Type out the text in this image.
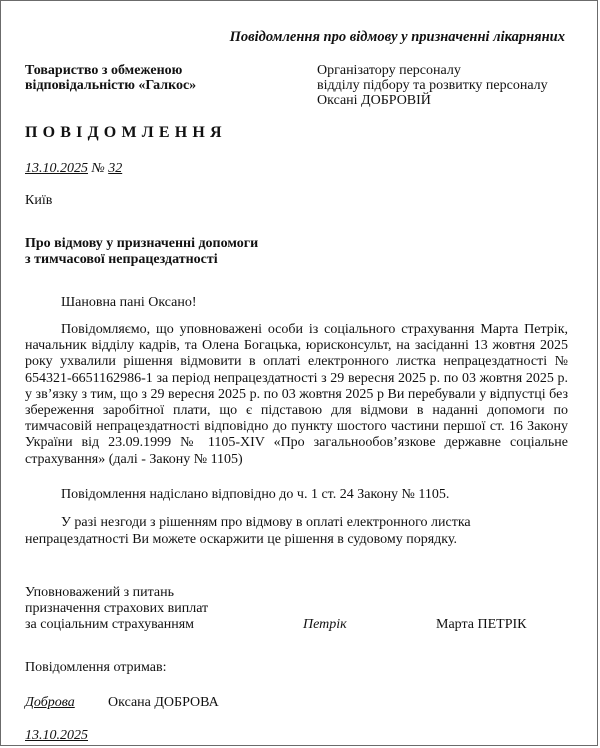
Повідомлення про відмову у призначенні лікарняних
Товариство з обмеженою
відповідальністю «Галкос»
Організатору персоналу
відділу підбору та розвитку персоналу
Оксані ДОБРОВІЙ
ПОВІДОМЛЕННЯ
13.10.2025 № 32
Київ
Про відмову у призначенні допомоги
з тимчасової непрацездатності
Шановна пані Оксано!
Повідомляємо, що уповноважені особи із соціального страхування Марта Петрік, начальник відділу кадрів, та Олена Богацька, юрисконсульт, на засіданні 13 жовтня 2025 року ухвалили рішення відмовити в оплаті електронного листка непрацездатності № 654321-6651162986-1 за період непрацездатності з 29 вересня 2025 р. по 03 жовтня 2025 р. у зв’язку з тим, що з 29 вересня 2025 р. по 03 жовтня 2025 р Ви перебували у відпустці без збереження заробітної плати, що є підставою для відмови в наданні допомоги по тимчасовій непрацездатності відповідно до пункту шостого частини першої ст. 16 Закону України від 23.09.1999 № 1105-XIV «Про загальнообов’язкове державне соціальне страхування» (далі - Закону № 1105)
Повідомлення надіслано відповідно до ч. 1 ст. 24 Закону № 1105.
У разі незгоди з рішенням про відмову в оплаті електронного листка непрацездатності Ви можете оскаржити це рішення в судовому порядку.
Уповноважений з питань
призначення страхових виплат
за соціальним страхуванням	Петрік	Марта ПЕТРІК
Повідомлення отримав:
Доброва Оксана ДОБРОВА
13.10.2025
